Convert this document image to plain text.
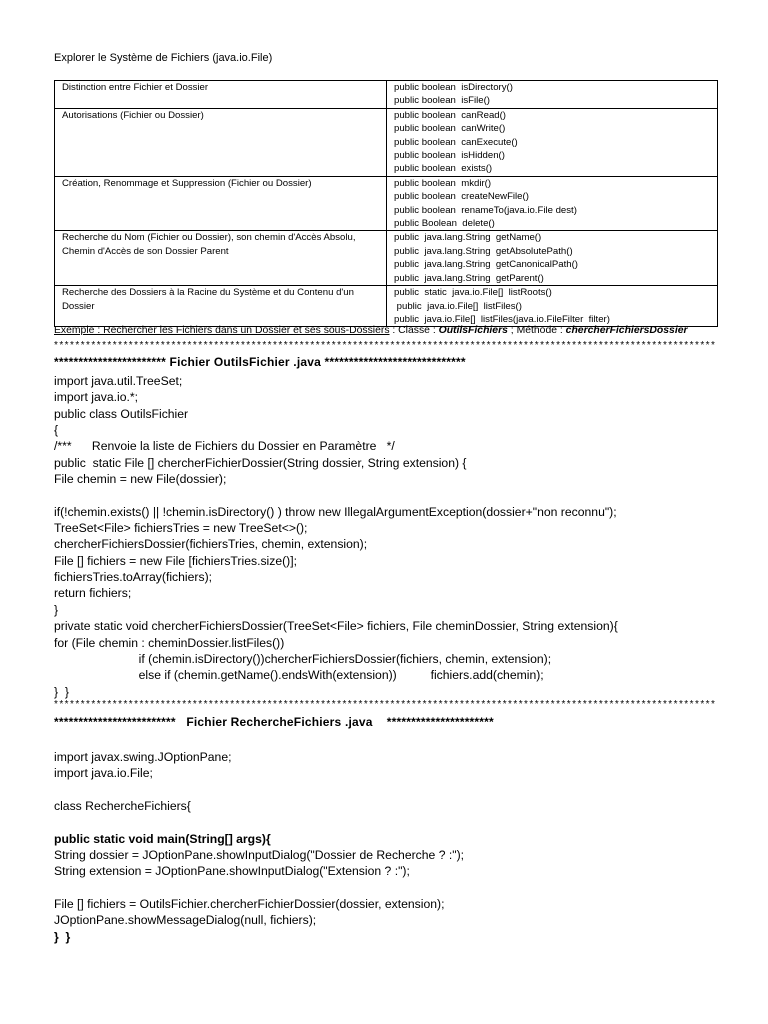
Explorer le Système de Fichiers (java.io.File)
Distinction entre Fichier et Dossier	public boolean  isDirectory()
public boolean  isFile()

Autorisations (Fichier ou Dossier)	public boolean  canRead()
public boolean  canWrite()
public boolean  canExecute()
public boolean  isHidden()
public boolean  exists()

Création, Renommage et Suppression (Fichier ou Dossier)	public boolean  mkdir()
public boolean  createNewFile()
public boolean  renameTo(java.io.File dest)
public Boolean  delete()

Recherche du Nom (Fichier ou Dossier), son chemin d'Accès Absolu, Chemin d'Accès de son Dossier Parent	public  java.lang.String  getName()
public  java.lang.String  getAbsolutePath()
public  java.lang.String  getCanonicalPath()
public  java.lang.String  getParent()

Recherche des Dossiers à la Racine du Système et du Contenu d'un Dossier	public  static  java.io.File[]  listRoots()
public  java.io.File[]  listFiles()
public  java.io.File[]  listFiles(java.io.FileFilter  filter)
Exemple : Rechercher les Fichiers dans un Dossier et ses sous-Dossiers : Classe : OutilsFichiers ; Méthode : chercherFichiersDossier
****************************************************************************************************************************
*********************** Fichier OutilsFichier .java *****************************
import java.util.TreeSet;
import java.io.*;
public class OutilsFichier
{
/***      Renvoie la liste de Fichiers du Dossier en Paramètre   */
public  static File [] chercherFichierDossier(String dossier, String extension) {
File chemin = new File(dossier);
if(!chemin.exists() || !chemin.isDirectory() ) throw new IllegalArgumentException(dossier+"non reconnu");
TreeSet<File> fichiersTries = new TreeSet<>();
chercherFichiersDossier(fichiersTries, chemin, extension);
File [] fichiers = new File [fichiersTries.size()];
fichiersTries.toArray(fichiers);
return fichiers;
}
private static void chercherFichiersDossier(TreeSet<File> fichiers, File cheminDossier, String extension){
for (File chemin : cheminDossier.listFiles())
if (chemin.isDirectory())chercherFichiersDossier(fichiers, chemin, extension);
else if (chemin.getName().endsWith(extension))          fichiers.add(chemin);
}  }
****************************************************************************************************************************
*************************   Fichier RechercheFichiers .java    **********************
import javax.swing.JOptionPane;
import java.io.File;
class RechercheFichiers{
public static void main(String[] args){
String dossier = JOptionPane.showInputDialog("Dossier de Recherche ? :");
String extension = JOptionPane.showInputDialog("Extension ? :");
File [] fichiers = OutilsFichier.chercherFichierDossier(dossier, extension);
JOptionPane.showMessageDialog(null, fichiers);
}  }
